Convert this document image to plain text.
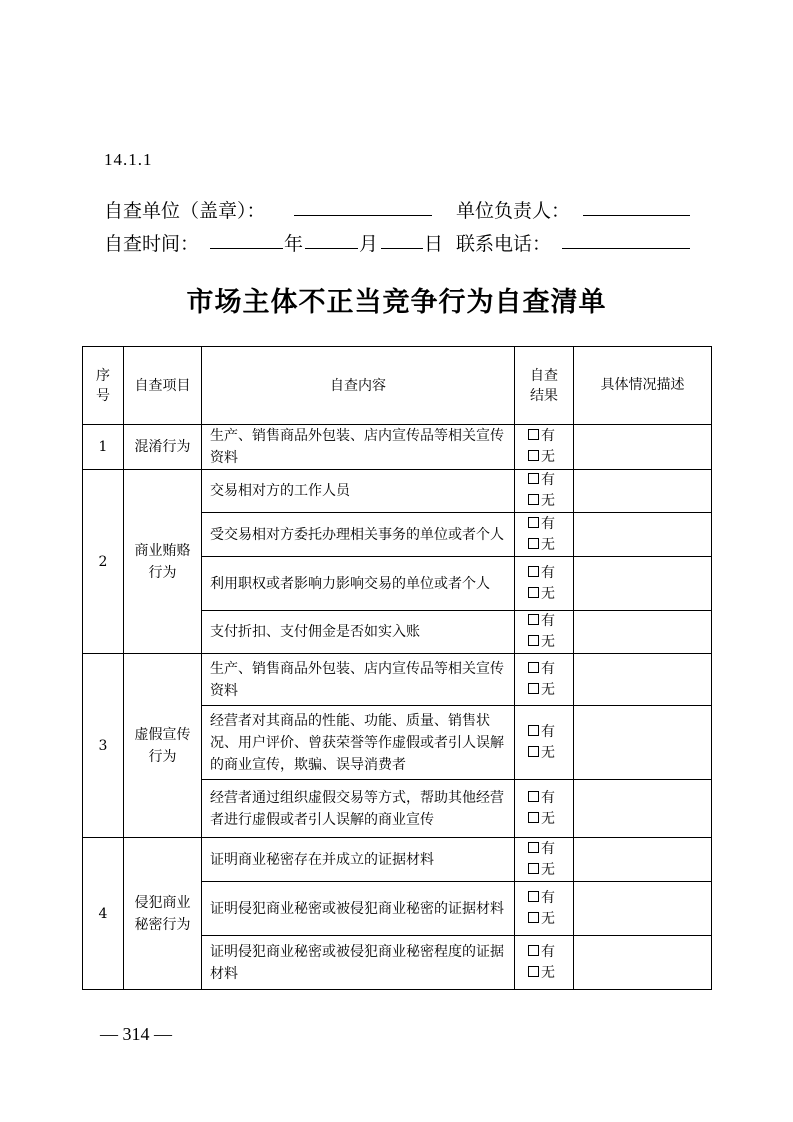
14.1.1
自查单位（盖章）：	单位负责人：
自查时间：	年	月 日 联系电话：
市场主体不正当竞争行为自查清单
序号	自查项目	自查内容	自查结果	具体情况描述
1	混淆行为	生产、销售商品外包装、店内宣传品等相关宣传资料	有
无	

2	商业贿赂行为	交易相对方的工作人员	有
无	

		受交易相对方委托办理相关事务的单位或者个人	有
无	

		利用职权或者影响力影响交易的单位或者个人	有
无	

		支付折扣、支付佣金是否如实入账	有
无	

3	虚假宣传行为	生产、销售商品外包装、店内宣传品等相关宣传资料	有
无	

		经营者对其商品的性能、功能、质量、销售状况、用户评价、曾获荣誉等作虚假或者引人误解的商业宣传，欺骗、误导消费者	有
无	

		经营者通过组织虚假交易等方式，帮助其他经营者进行虚假或者引人误解的商业宣传	有
无	

4	侵犯商业秘密行为	证明商业秘密存在并成立的证据材料	有
无	

		证明侵犯商业秘密或被侵犯商业秘密的证据材料	有
无	

		证明侵犯商业秘密或被侵犯商业秘密程度的证据材料	有
无	

— 314 —
